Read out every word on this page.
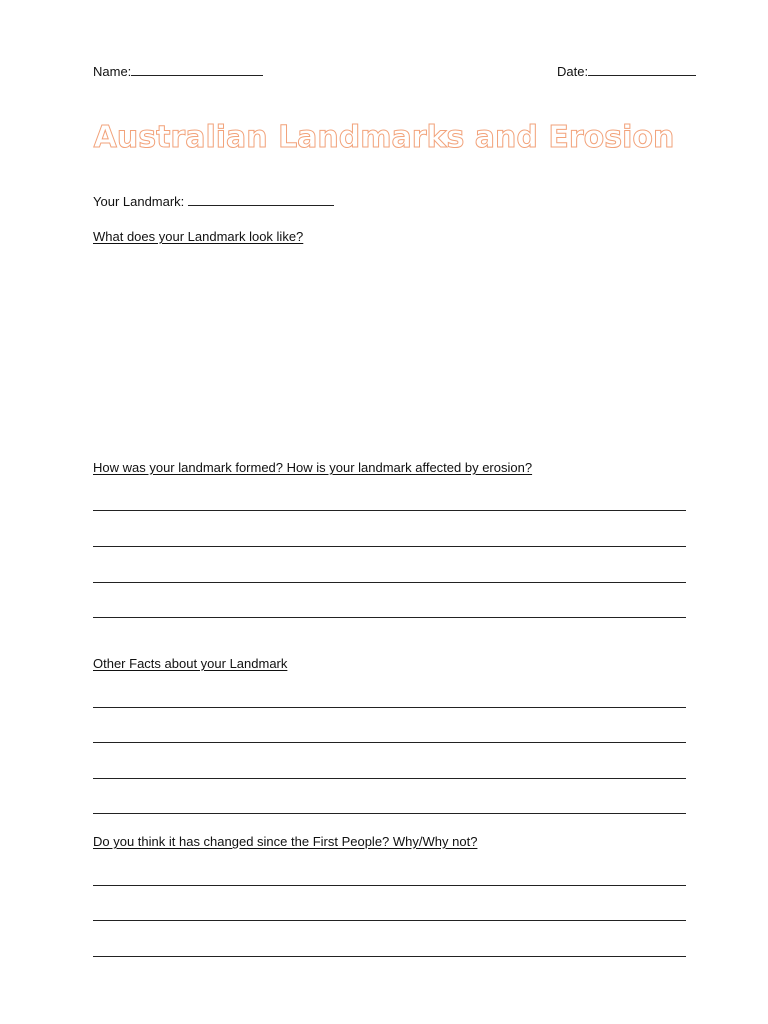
Name:	Date:
Australian Landmarks and Erosion
Your Landmark:
What does your Landmark look like?
How was your landmark formed? How is your landmark affected by erosion?
Other Facts about your Landmark
Do you think it has changed since the First People? Why/Why not?
